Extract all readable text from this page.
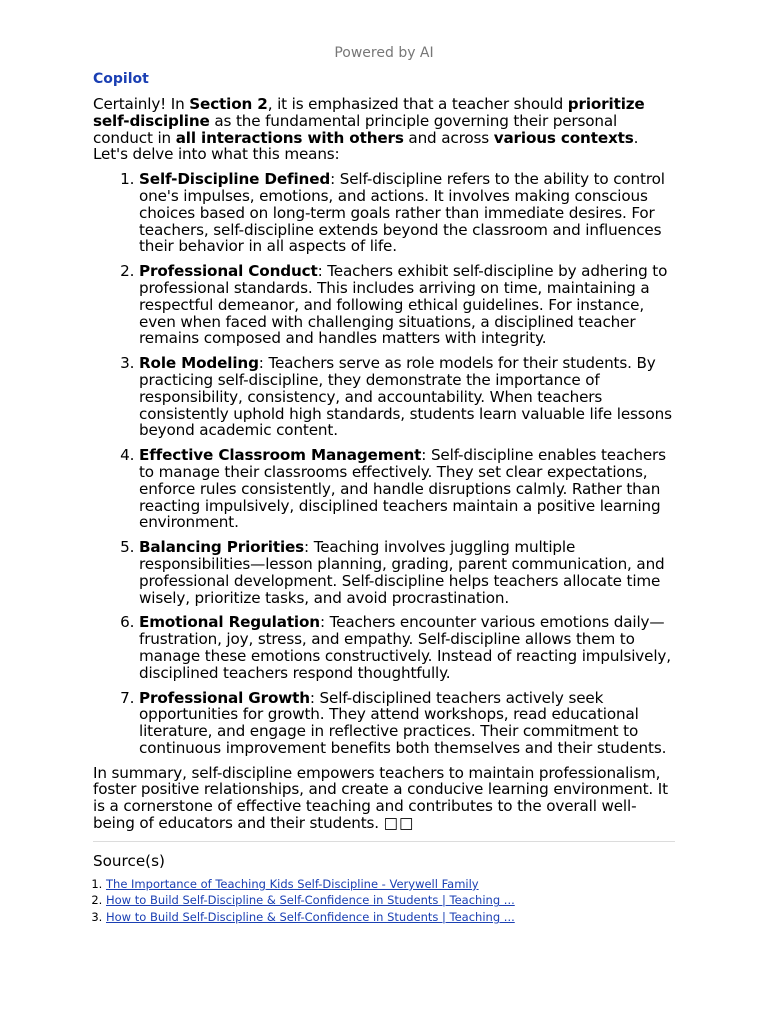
Powered by AI
Copilot
Certainly! In Section 2, it is emphasized that a teacher should prioritize self-discipline as the fundamental principle governing their personal conduct in all interactions with others and across various contexts. Let's delve into what this means:
1. Self-Discipline Defined: Self-discipline refers to the ability to control one's impulses, emotions, and actions. It involves making conscious choices based on long-term goals rather than immediate desires. For teachers, self-discipline extends beyond the classroom and influences their behavior in all aspects of life.
2. Professional Conduct: Teachers exhibit self-discipline by adhering to professional standards. This includes arriving on time, maintaining a respectful demeanor, and following ethical guidelines. For instance, even when faced with challenging situations, a disciplined teacher remains composed and handles matters with integrity.
3. Role Modeling: Teachers serve as role models for their students. By practicing self-discipline, they demonstrate the importance of responsibility, consistency, and accountability. When teachers consistently uphold high standards, students learn valuable life lessons beyond academic content.
4. Effective Classroom Management: Self-discipline enables teachers to manage their classrooms effectively. They set clear expectations, enforce rules consistently, and handle disruptions calmly. Rather than reacting impulsively, disciplined teachers maintain a positive learning environment.
5. Balancing Priorities: Teaching involves juggling multiple responsibilities—lesson planning, grading, parent communication, and professional development. Self-discipline helps teachers allocate time wisely, prioritize tasks, and avoid procrastination.
6. Emotional Regulation: Teachers encounter various emotions daily—frustration, joy, stress, and empathy. Self-discipline allows them to manage these emotions constructively. Instead of reacting impulsively, disciplined teachers respond thoughtfully.
7. Professional Growth: Self-disciplined teachers actively seek opportunities for growth. They attend workshops, read educational literature, and engage in reflective practices. Their commitment to continuous improvement benefits both themselves and their students.
In summary, self-discipline empowers teachers to maintain professionalism, foster positive relationships, and create a conducive learning environment. It is a cornerstone of effective teaching and contributes to the overall well-being of educators and their students. □□
Source(s)
1. The Importance of Teaching Kids Self-Discipline - Verywell Family
2. How to Build Self-Discipline & Self-Confidence in Students | Teaching ...
3. How to Build Self-Discipline & Self-Confidence in Students | Teaching ...
